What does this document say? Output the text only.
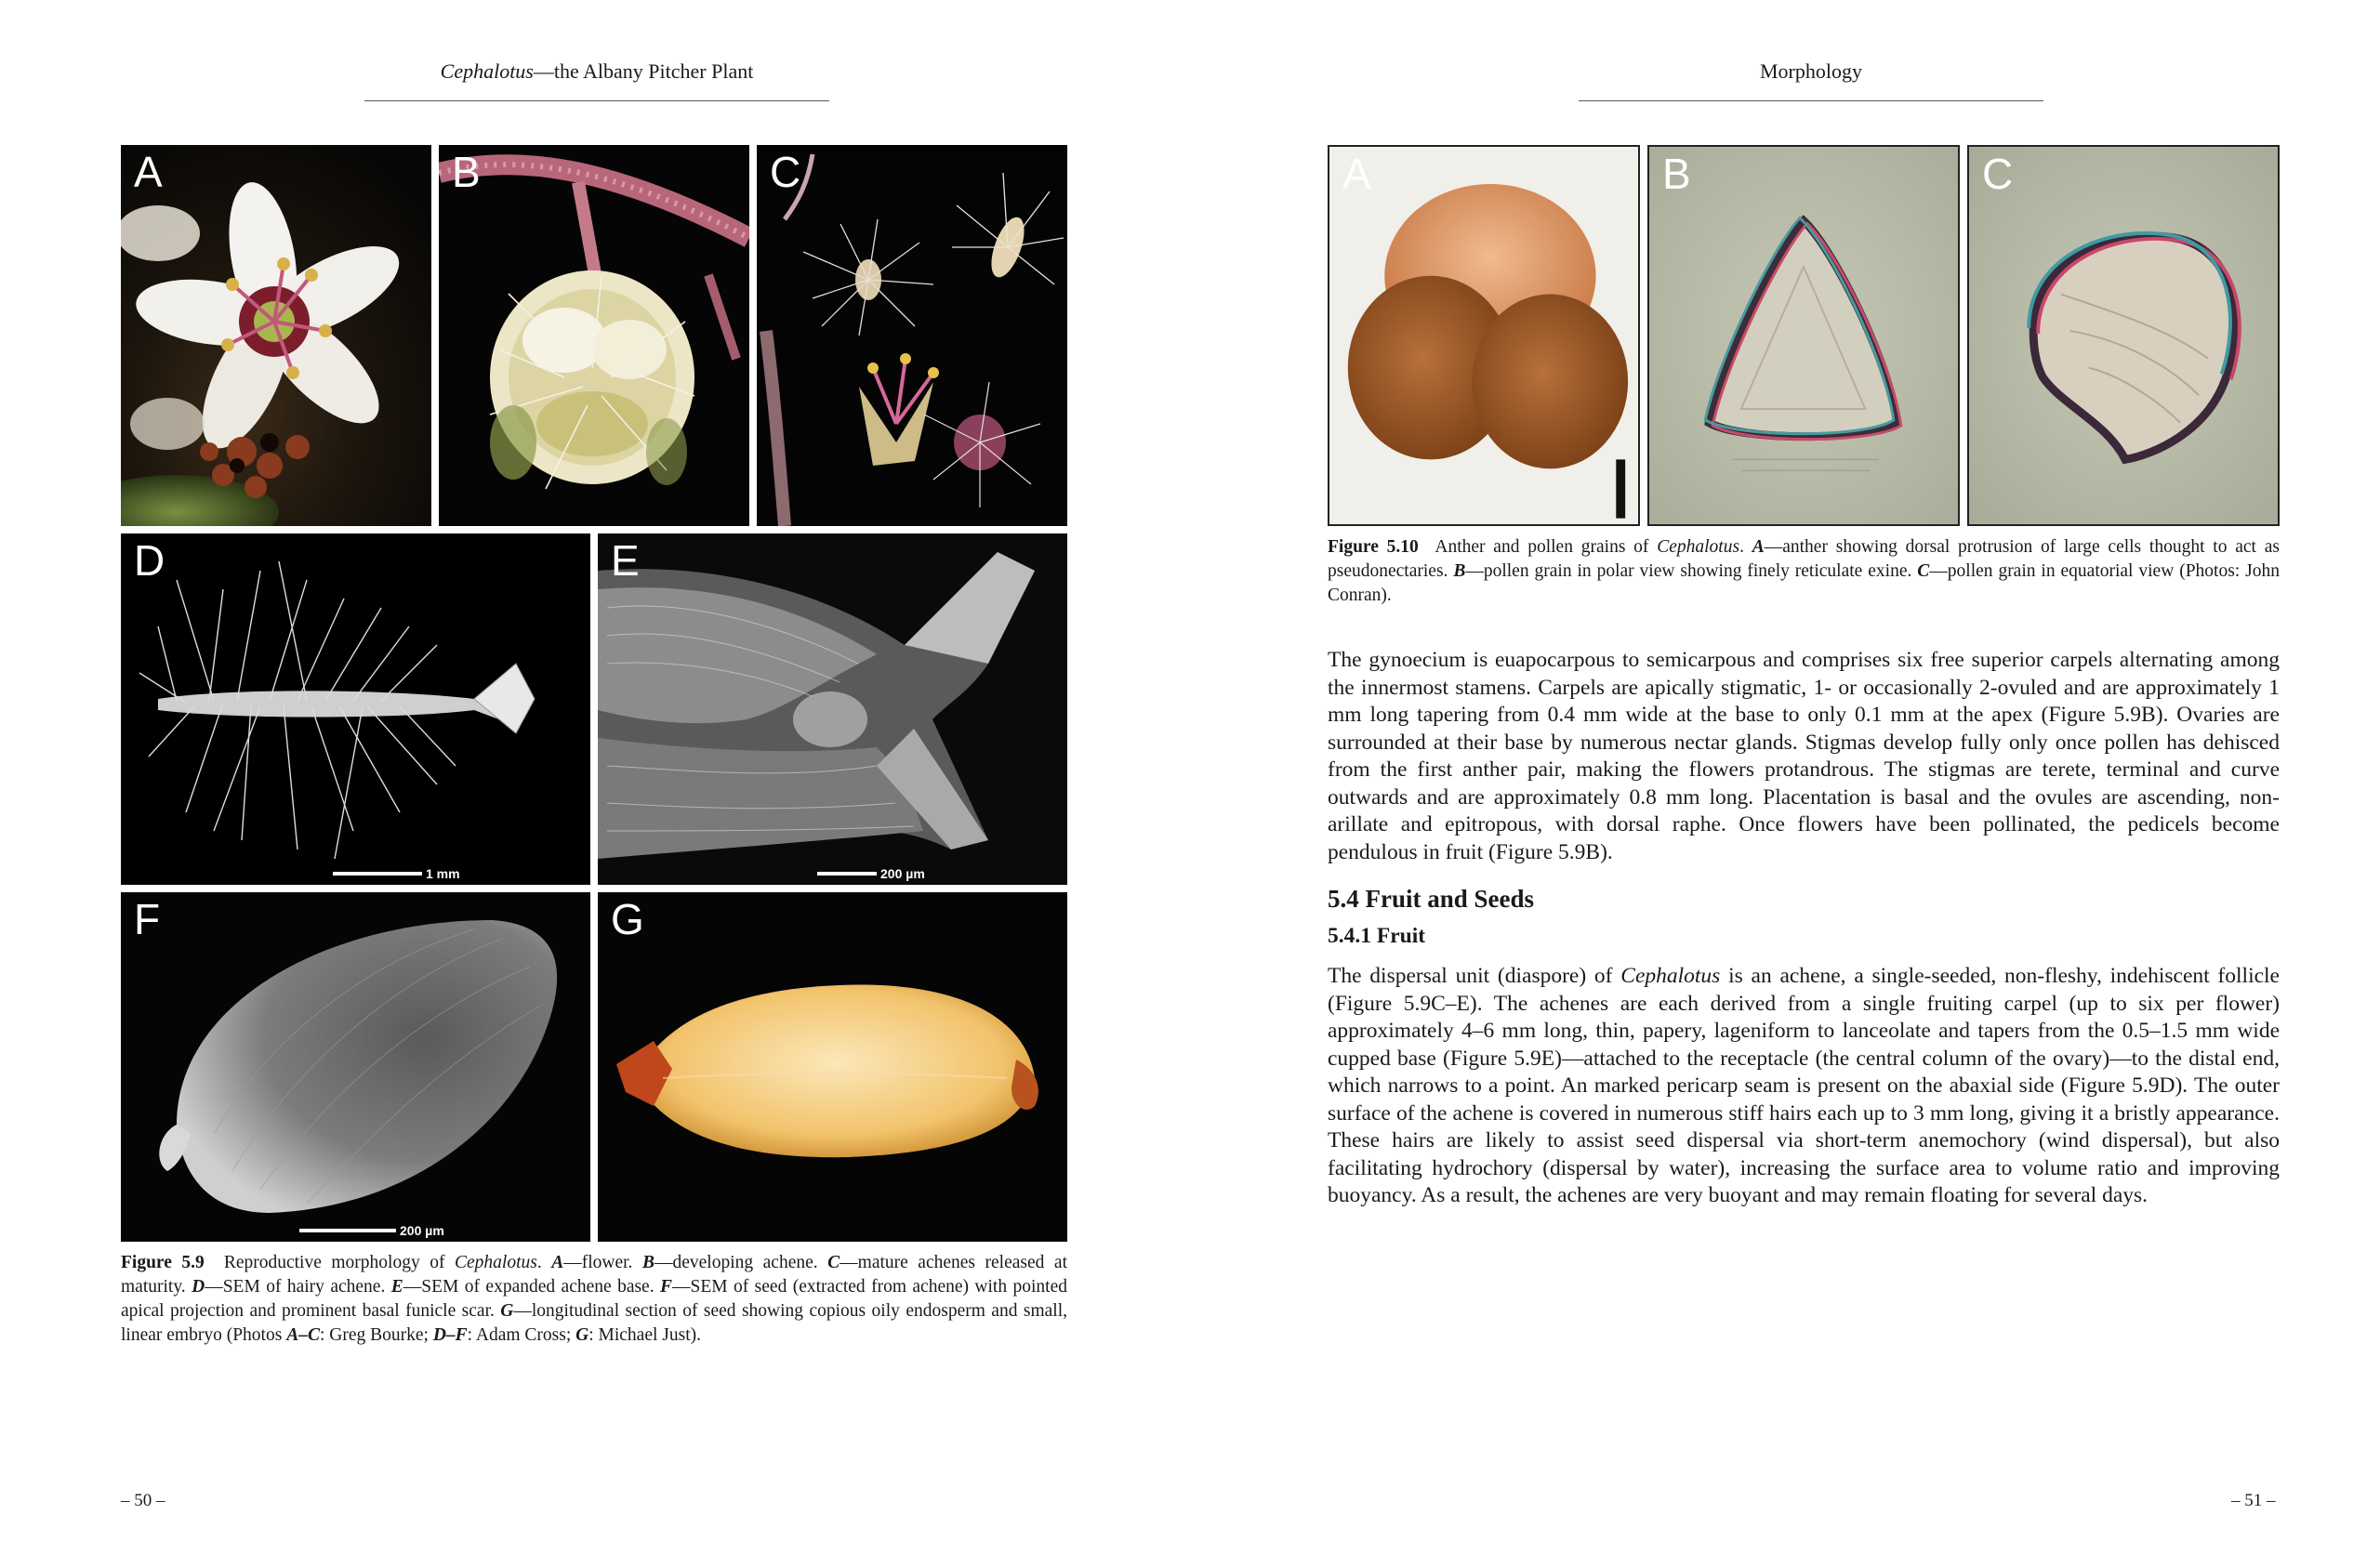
Cephalotus—the Albany Pitcher Plant
A	B	C
D
1 mm
E
200 µm
F
200 µm
G
Figure 5.9 Reproductive morphology of Cephalotus. A—flower. B—developing achene. C—mature achenes released at maturity. D—SEM of hairy achene. E—SEM of expanded achene base. F—SEM of seed (extracted from achene) with pointed apical projection and prominent basal funicle scar. G—longitudinal section of seed showing copious oily endosperm and small, linear embryo (Photos A–C: Greg Bourke; D–F: Adam Cross; G: Michael Just).
– 50 –
Morphology
A	B	C
Figure 5.10 Anther and pollen grains of Cephalotus. A—anther showing dorsal protrusion of large cells thought to act as pseudonectaries. B—pollen grain in polar view showing finely reticulate exine. C—pollen grain in equatorial view (Photos: John Conran).
The gynoecium is euapocarpous to semicarpous and comprises six free superior carpels alternating among the innermost stamens. Carpels are apically stigmatic, 1- or occasionally 2-ovuled and are approximately 1 mm long tapering from 0.4 mm wide at the base to only 0.1 mm at the apex (Figure 5.9B). Ovaries are surrounded at their base by numerous nectar glands. Stigmas develop fully only once pollen has dehisced from the first anther pair, making the flowers protandrous. The stigmas are terete, terminal and curve outwards and are approximately 0.8 mm long. Placentation is basal and the ovules are ascending, non-arillate and epitropous, with dorsal raphe. Once flowers have been pollinated, the pedicels become pendulous in fruit (Figure 5.9B).
5.4 Fruit and Seeds
5.4.1 Fruit
The dispersal unit (diaspore) of Cephalotus is an achene, a single-seeded, non-fleshy, indehiscent follicle (Figure 5.9C–E). The achenes are each derived from a single fruiting carpel (up to six per flower) approximately 4–6 mm long, thin, papery, lageniform to lanceolate and tapers from the 0.5–1.5 mm wide cupped base (Figure 5.9E)—attached to the receptacle (the central column of the ovary)—to the distal end, which narrows to a point. An marked pericarp seam is present on the abaxial side (Figure 5.9D). The outer surface of the achene is covered in numerous stiff hairs each up to 3 mm long, giving it a bristly appearance. These hairs are likely to assist seed dispersal via short-term anemochory (wind dispersal), but also facilitating hydrochory (dispersal by water), increasing the surface area to volume ratio and improving buoyancy. As a result, the achenes are very buoyant and may remain floating for several days.
– 51 –
